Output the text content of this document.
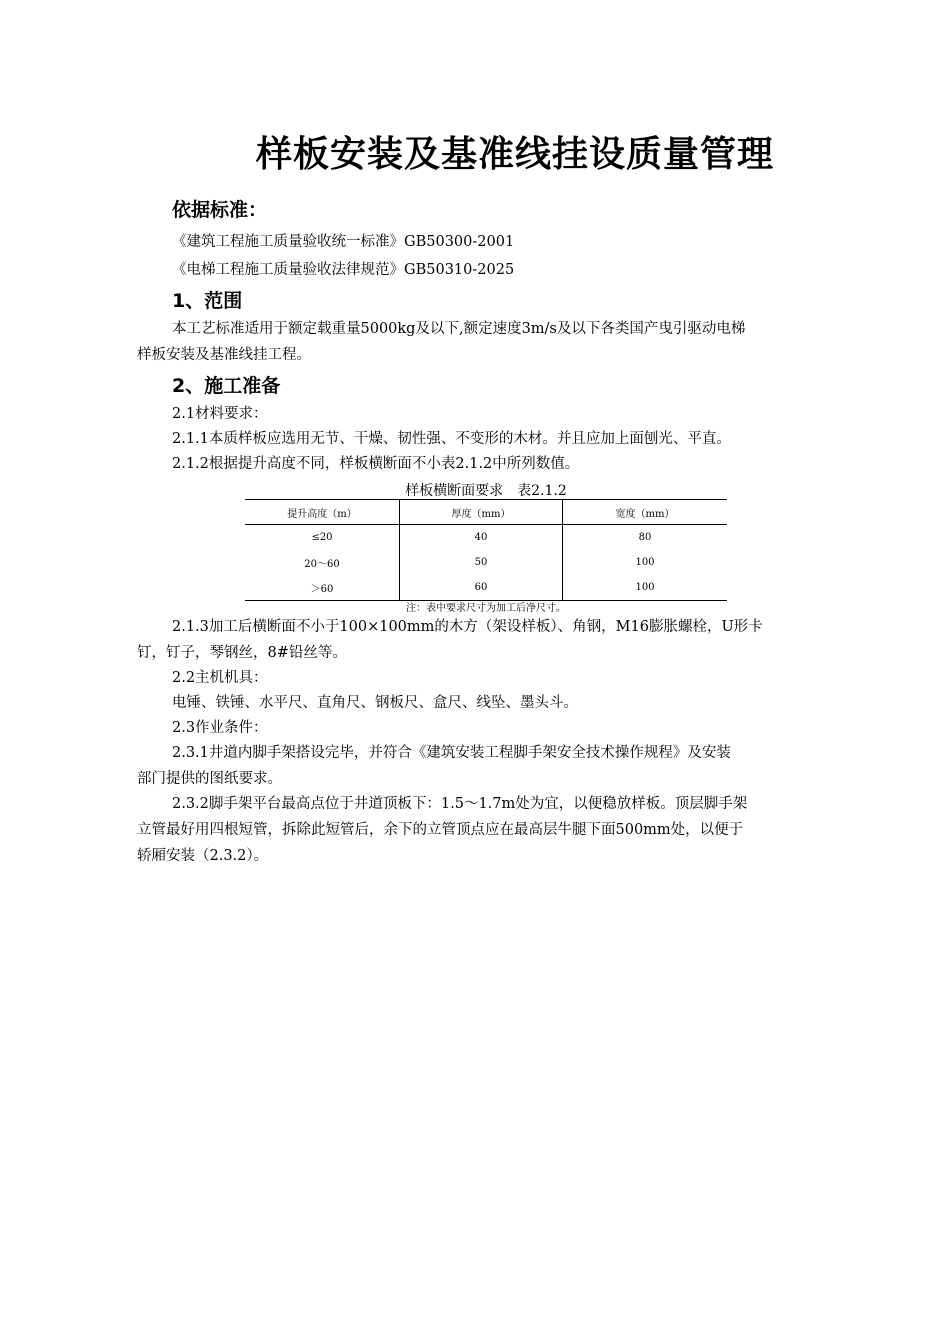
样板安装及基准线挂设质量管理
依据标准：
《建筑工程施工质量验收统一标准》GB50300-2001
《电梯工程施工质量验收法律规范》GB50310-2025
1、范围
本工艺标准适用于额定载重量5000kg及以下,额定速度3m/s及以下各类国产曳引驱动电梯
样板安装及基准线挂工程。
2、施工准备
2.1材料要求：
2.1.1本质样板应选用无节、干燥、韧性强、不变形的木材。并且应加上面刨光、平直。
2.1.2根据提升高度不同，样板横断面不小表2.1.2中所列数值。
样板横断面要求　表2.1.2
提升高度（m）	厚度（mm）	宽度（mm）
≤20	40	80
20～60	50	100
＞60	60	100
注：表中要求尺寸为加工后净尺寸。
2.1.3加工后横断面不小于100×100mm的木方（架设样板）、角钢，M16膨胀螺栓，U形卡
钉，钉子，琴钢丝，8#铅丝等。
2.2主机机具：
电锤、铁锤、水平尺、直角尺、钢板尺、盒尺、线坠、墨头斗。
2.3作业条件：
2.3.1井道内脚手架搭设完毕，并符合《建筑安装工程脚手架安全技术操作规程》及安装
部门提供的图纸要求。
2.3.2脚手架平台最高点位于井道顶板下：1.5～1.7m处为宜，以便稳放样板。顶层脚手架
立管最好用四根短管，拆除此短管后，余下的立管顶点应在最高层牛腿下面500mm处，以便于
轿厢安装（2.3.2）。
